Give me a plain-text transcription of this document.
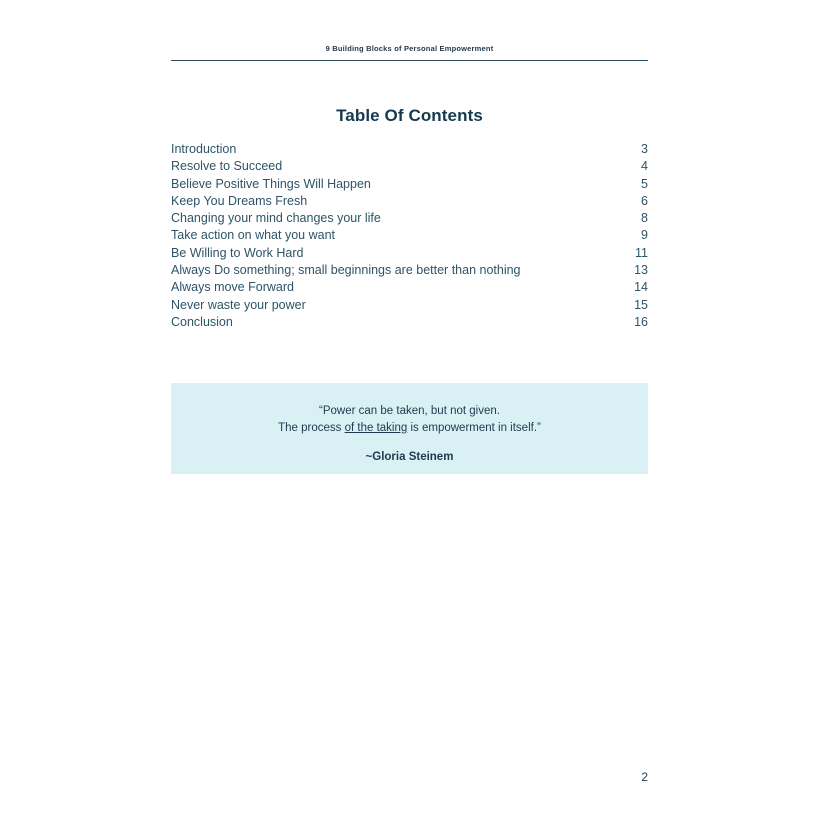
9 Building Blocks of Personal Empowerment
Table Of Contents
Introduction	3
Resolve to Succeed	4
Believe Positive Things Will Happen	5
Keep You Dreams Fresh	6
Changing your mind changes your life	8
Take action on what you want	9
Be Willing to Work Hard	11
Always Do something; small beginnings are better than nothing	13
Always move Forward	14
Never waste your power	15
Conclusion	16
“Power can be taken, but not given.
The process of the taking is empowerment in itself.”
~Gloria Steinem
2
